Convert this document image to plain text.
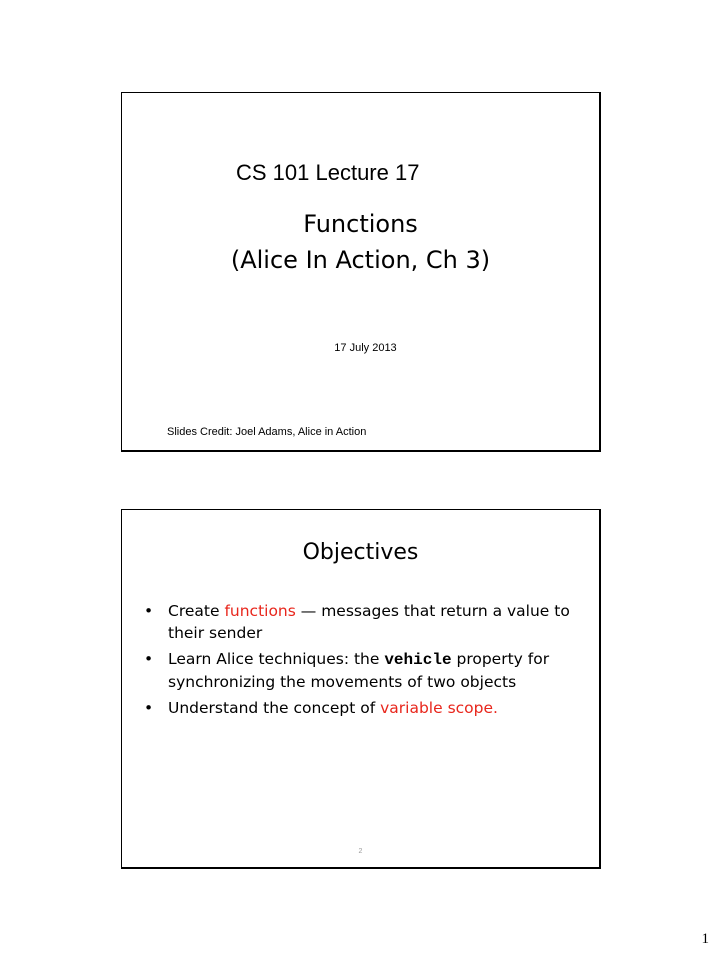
CS 101 Lecture 17
Functions
(Alice In Action, Ch 3)
17 July 2013
Slides Credit: Joel Adams, Alice in Action
Objectives
• Create functions — messages that return a value to their sender
• Learn Alice techniques: the vehicle property for synchronizing the movements of two objects
• Understand the concept of variable scope.
2
1
